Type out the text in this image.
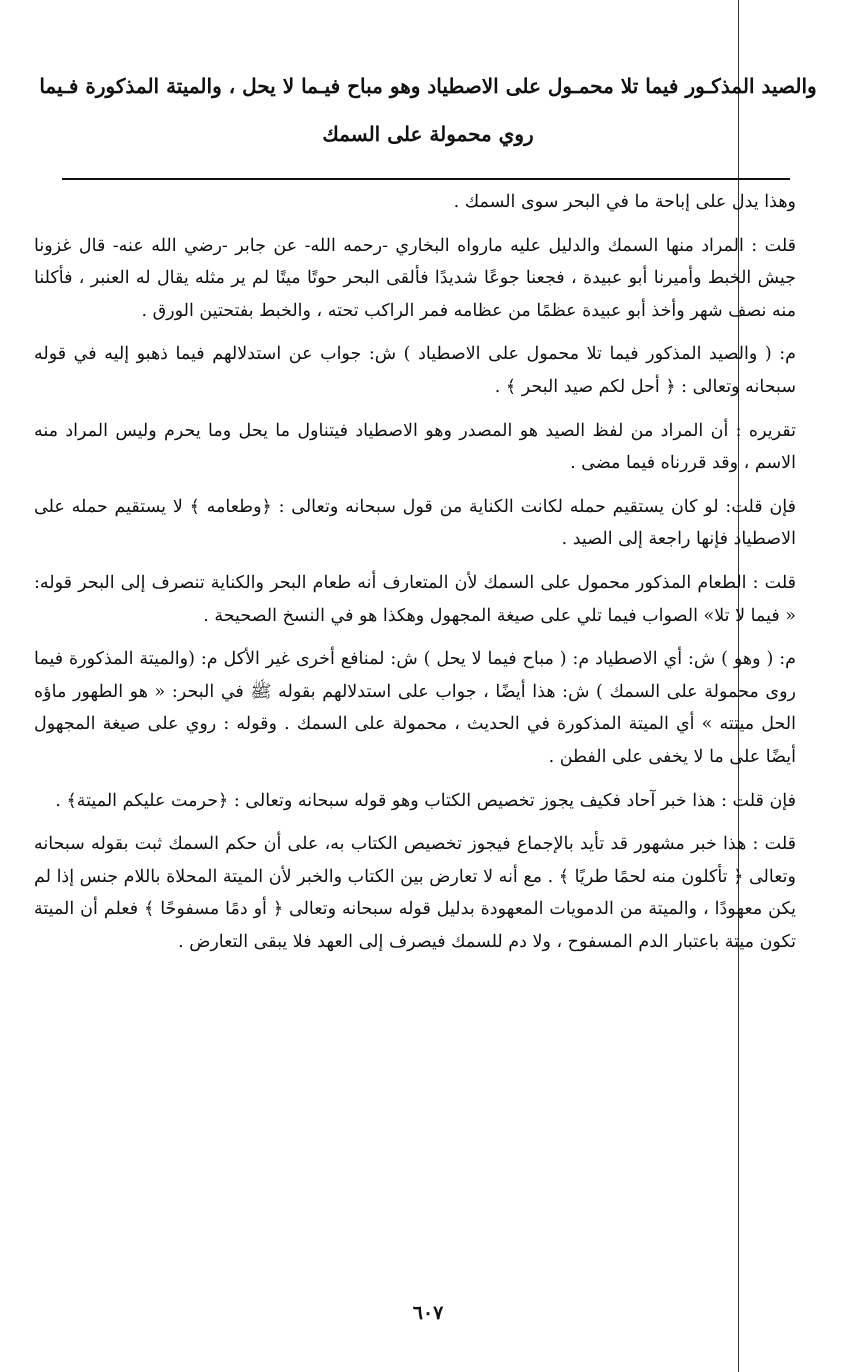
والصيد المذكـور فيما تلا محمـول على الاصطياد وهو مباح فيـما لا يحل ، والميتة المذكورة فـيما
روي محمولة على السمك

وهذا يدل على إباحة ما في البحر سوى السمك .

قلت : المراد منها السمك والدليل عليه مارواه البخاري -رحمه الله- عن جابر -رضي الله عنه- قال غزونا جيش الخبط وأميرنا أبو عبيدة ، فجعنا جوعًا شديدًا فألقى البحر حوتًا ميتًا لم ير مثله يقال له العنبر ، فأكلنا منه نصف شهر وأخذ أبو عبيدة عظمًا من عظامه فمر الراكب تحته ، والخبط بفتحتين الورق .

م: ( والصيد المذكور فيما تلا محمول على الاصطياد ) ش: جواب عن استدلالهم فيما ذهبو إليه في قوله سبحانه وتعالى : ﴿ أحل لكم صيد البحر ﴾ .

تقريره : أن المراد من لفظ الصيد هو المصدر وهو الاصطياد فيتناول ما يحل وما يحرم وليس المراد منه الاسم ، وقد قررناه فيما مضى .

فإن قلت: لو كان يستقيم حمله لكانت الكناية من قول سبحانه وتعالى : ﴿وطعامه ﴾ لا يستقيم حمله على الاصطياد فإنها راجعة إلى الصيد .

قلت : الطعام المذكور محمول على السمك لأن المتعارف أنه طعام البحر والكناية تنصرف إلى البحر قوله: « فيما لا تلا» الصواب فيما تلي على صيغة المجهول وهكذا هو في النسخ الصحيحة .

م: ( وهو ) ش: أي الاصطياد م: ( مباح فيما لا يحل ) ش: لمنافع أخرى غير الأكل م: (والميتة المذكورة فيما روى محمولة على السمك ) ش: هذا أيضًا ، جواب على استدلالهم بقوله ﷺ في البحر: « هو الطهور ماؤه الحل ميتته » أي الميتة المذكورة في الحديث ، محمولة على السمك . وقوله : روي على صيغة المجهول أيضًا على ما لا يخفى على الفطن .

فإن قلت : هذا خبر آحاد فكيف يجوز تخصيص الكتاب وهو قوله سبحانه وتعالى : ﴿حرمت عليكم الميتة﴾ .

قلت : هذا خبر مشهور قد تأيد بالإجماع فيجوز تخصيص الكتاب به، على أن حكم السمك ثبت بقوله سبحانه وتعالى ﴿ تأكلون منه لحمًا طريًا ﴾ . مع أنه لا تعارض بين الكتاب والخبر لأن الميتة المحلاة باللام جنس إذا لم يكن معهودًا ، والميتة من الدمويات المعهودة بدليل قوله سبحانه وتعالى ﴿ أو دمًا مسفوحًا ﴾ فعلم أن الميتة تكون ميتة باعتبار الدم المسفوح ، ولا دم للسمك فيصرف إلى العهد فلا يبقى التعارض .

٦٠٧
